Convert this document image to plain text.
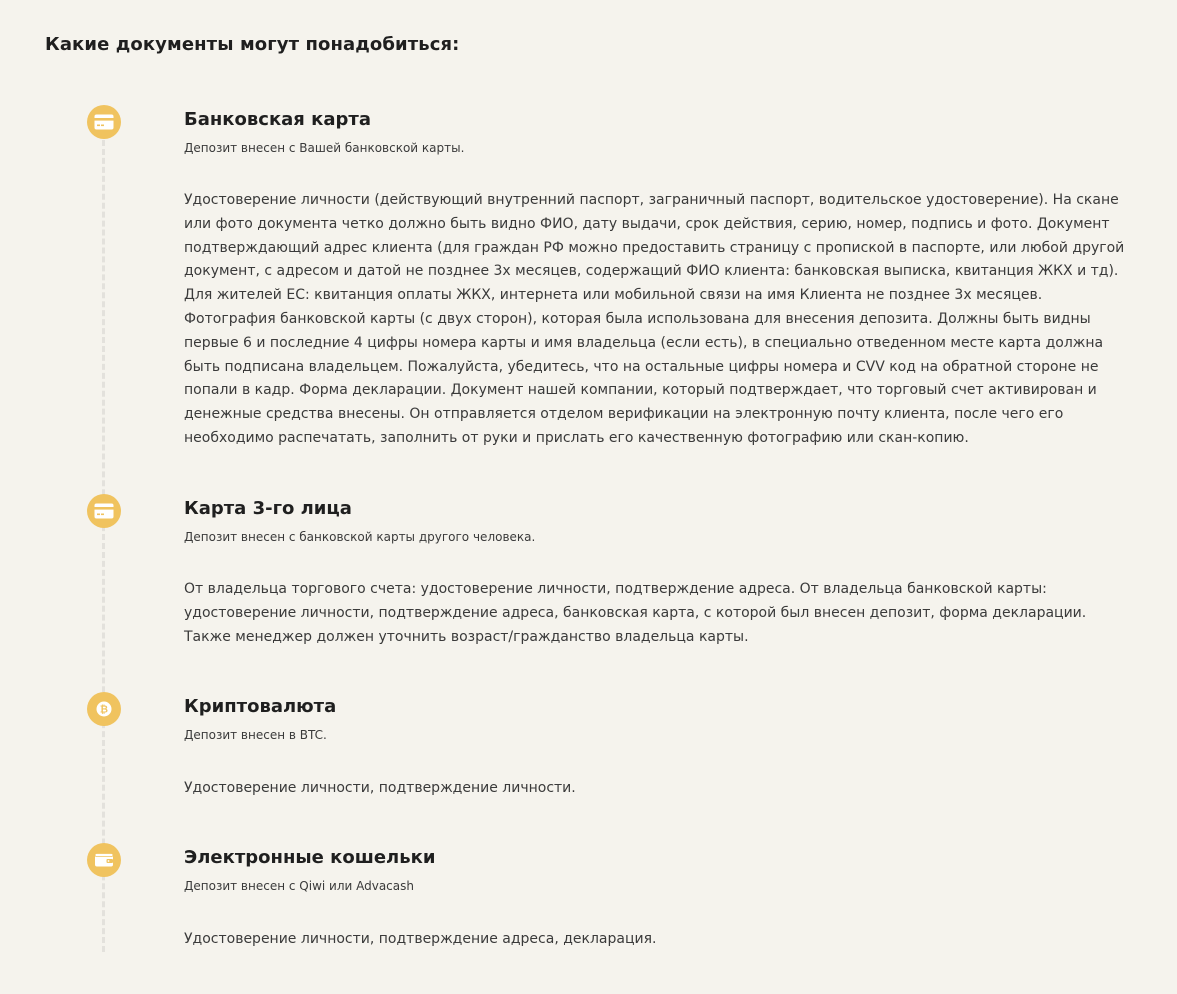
Какие документы могут понадобиться:
Банковская карта

Депозит внесен с Вашей банковской карты.

Удостоверение личности (действующий внутренний паспорт, заграничный паспорт, водительское удостоверение). На скане или фото документа четко должно быть видно ФИО, дату выдачи, срок действия, серию, номер, подпись и фото. Документ подтверждающий адрес клиента (для граждан РФ можно предоставить страницу с пропиской в паспорте, или любой другой документ, с адресом и датой не позднее 3х месяцев, содержащий ФИО клиента: банковская выписка, квитанция ЖКХ и тд). Для жителей ЕС: квитанция оплаты ЖКХ, интернета или мобильной связи на имя Клиента не позднее 3х месяцев. Фотография банковской карты (с двух сторон), которая была использована для внесения депозита. Должны быть видны первые 6 и последние 4 цифры номера карты и имя владельца (если есть), в специально отведенном месте карта должна быть подписана владельцем. Пожалуйста, убедитесь, что на остальные цифры номера и CVV код на обратной стороне не попали в кадр. Форма декларации. Документ нашей компании, который подтверждает, что торговый счет активирован и денежные средства внесены. Он отправляется отделом верификации на электронную почту клиента, после чего его необходимо распечатать, заполнить от руки и прислать его качественную фотографию или скан-копию.

Карта 3-го лица

Депозит внесен с банковской карты другого человека.

От владельца торгового счета: удостоверение личности, подтверждение адреса. От владельца банковской карты: удостоверение личности, подтверждение адреса, банковская карта, с которой был внесен депозит, форма декларации. Также менеджер должен уточнить возраст/гражданство владельца карты.

₿	Криптовалюта

Депозит внесен в BTC.

Удостоверение личности, подтверждение личности.

Электронные кошельки

Депозит внесен с Qiwi или Advacash

Удостоверение личности, подтверждение адреса, декларация.
